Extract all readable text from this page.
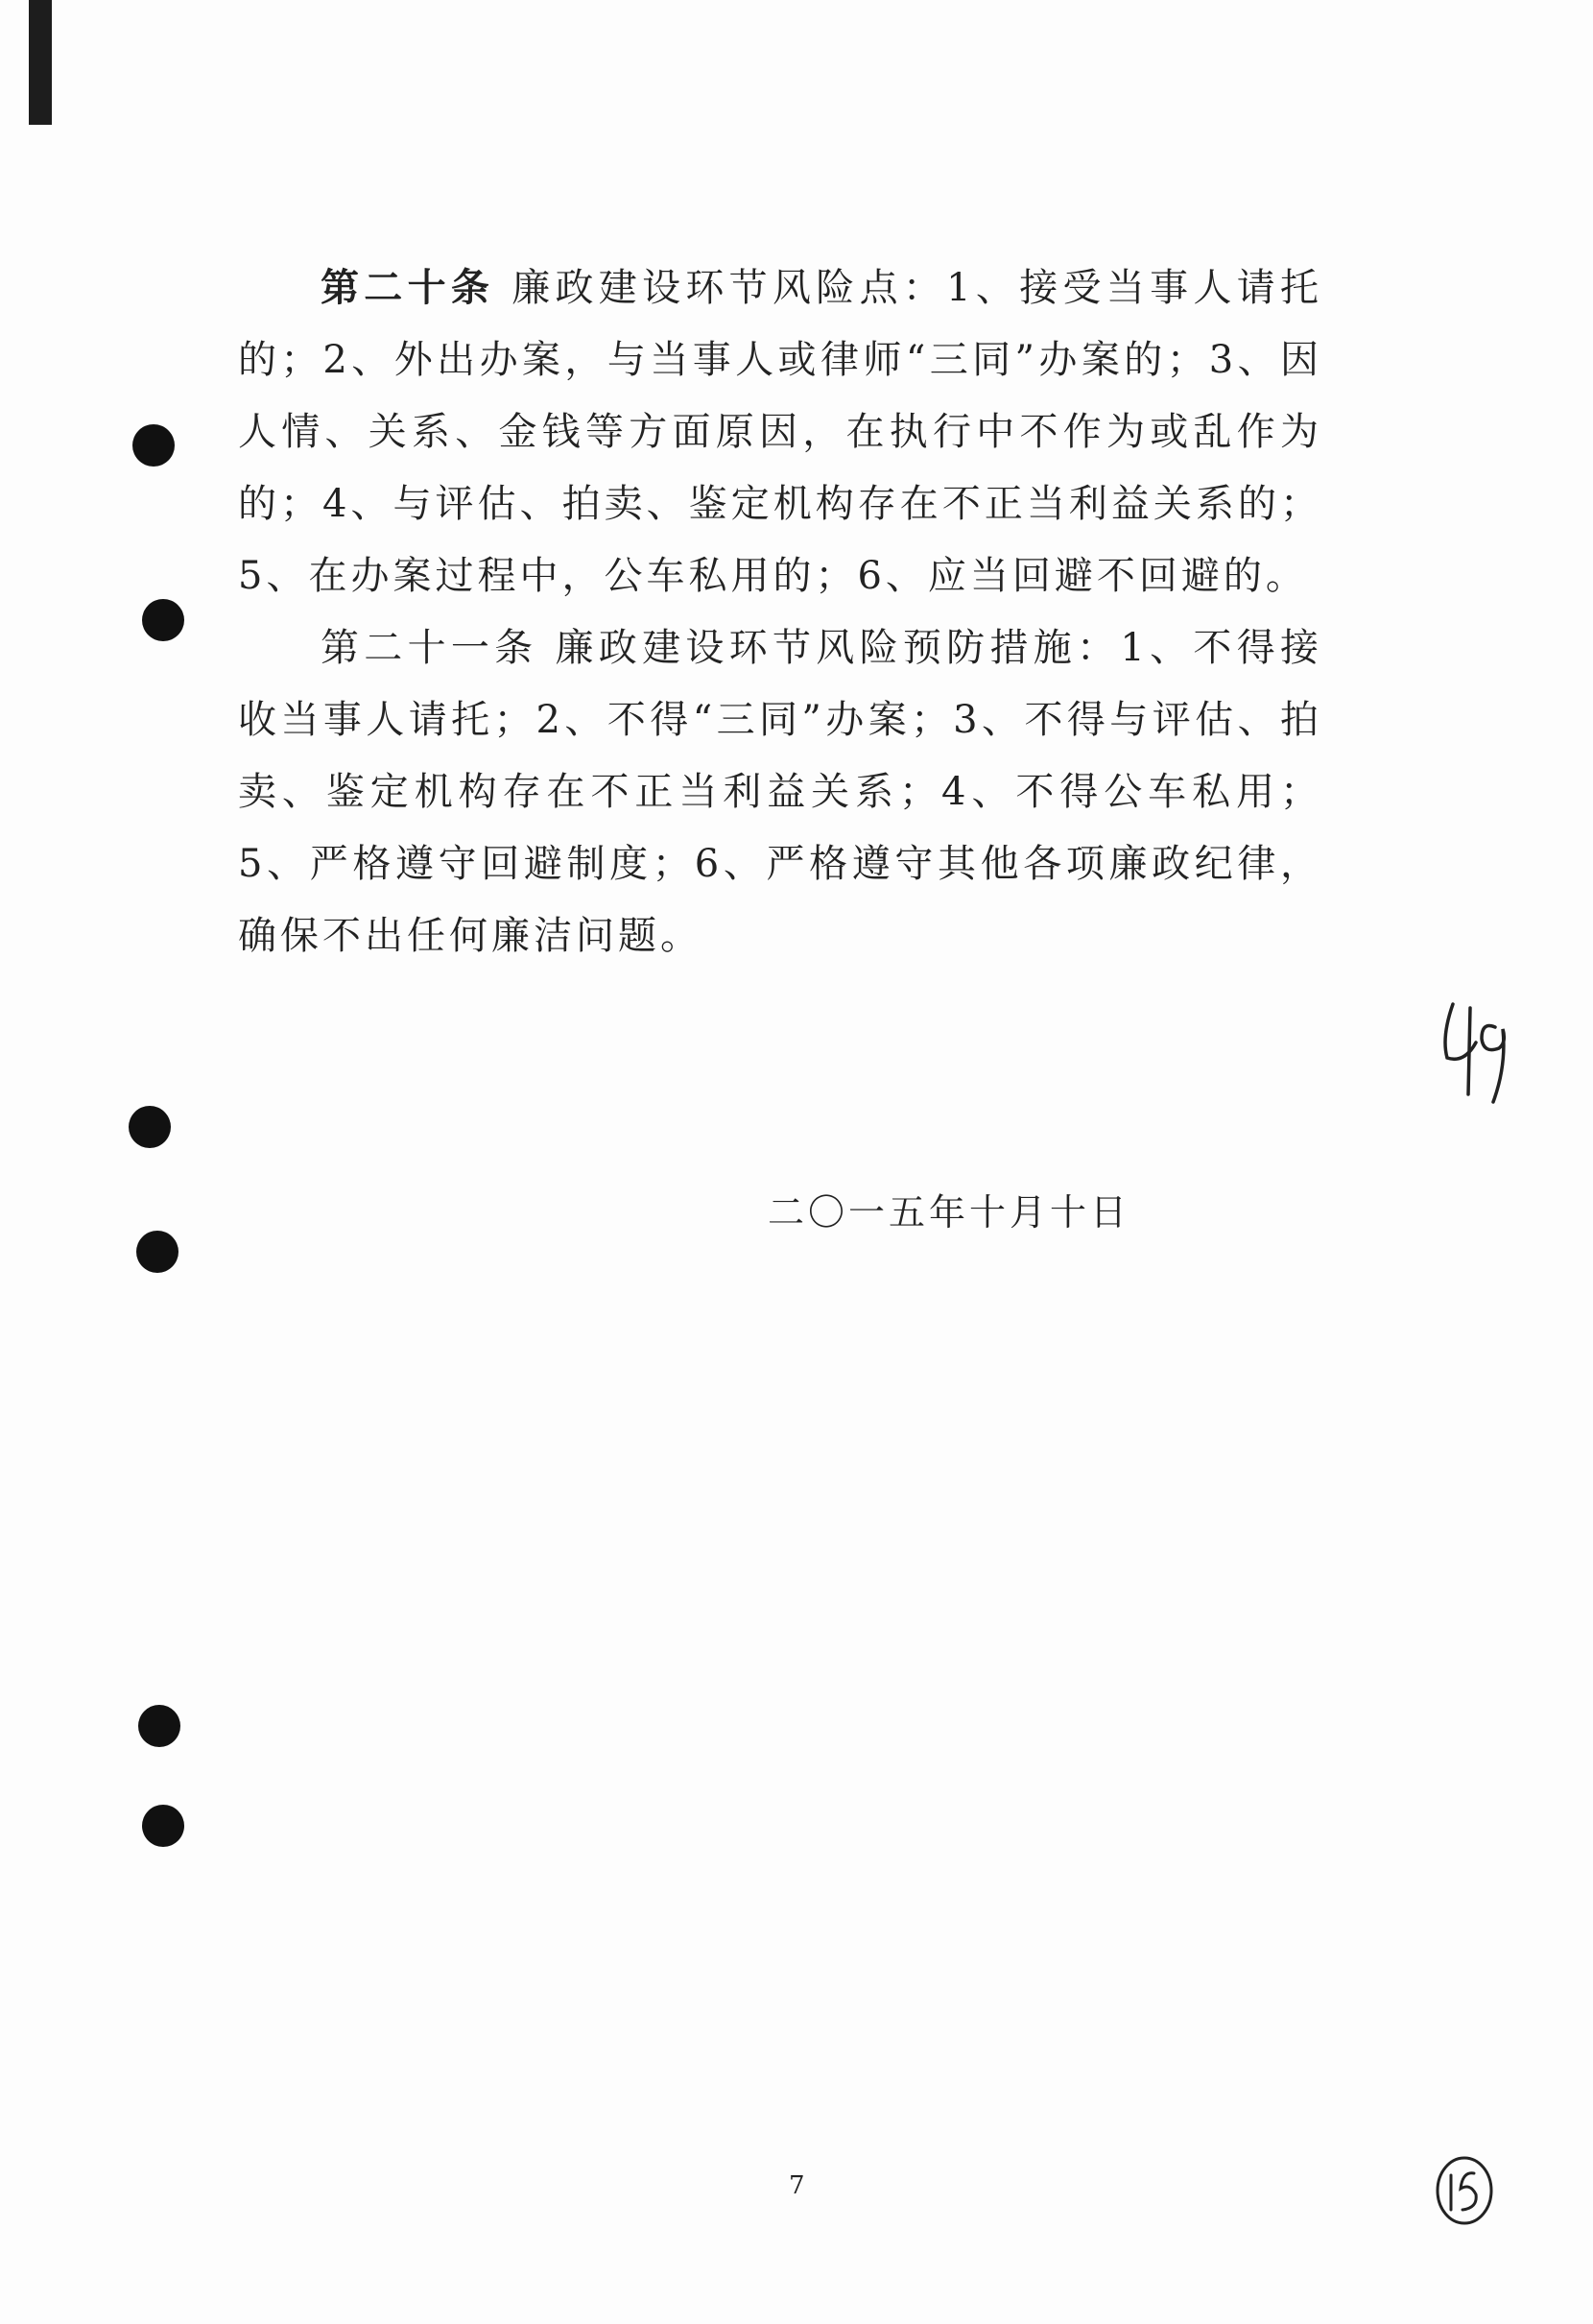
第二十条 廉政建设环节风险点：1、接受当事人请托的；2、外出办案，与当事人或律师“三同”办案的；3、因人情、关系、金钱等方面原因，在执行中不作为或乱作为的；4、与评估、拍卖、鉴定机构存在不正当利益关系的；5、在办案过程中，公车私用的；6、应当回避不回避的。

第二十一条 廉政建设环节风险预防措施：1、不得接收当事人请托；2、不得“三同”办案；3、不得与评估、拍卖、鉴定机构存在不正当利益关系；4、不得公车私用；5、严格遵守回避制度；6、严格遵守其他各项廉政纪律，确保不出任何廉洁问题。

二〇一五年十月十日
7
